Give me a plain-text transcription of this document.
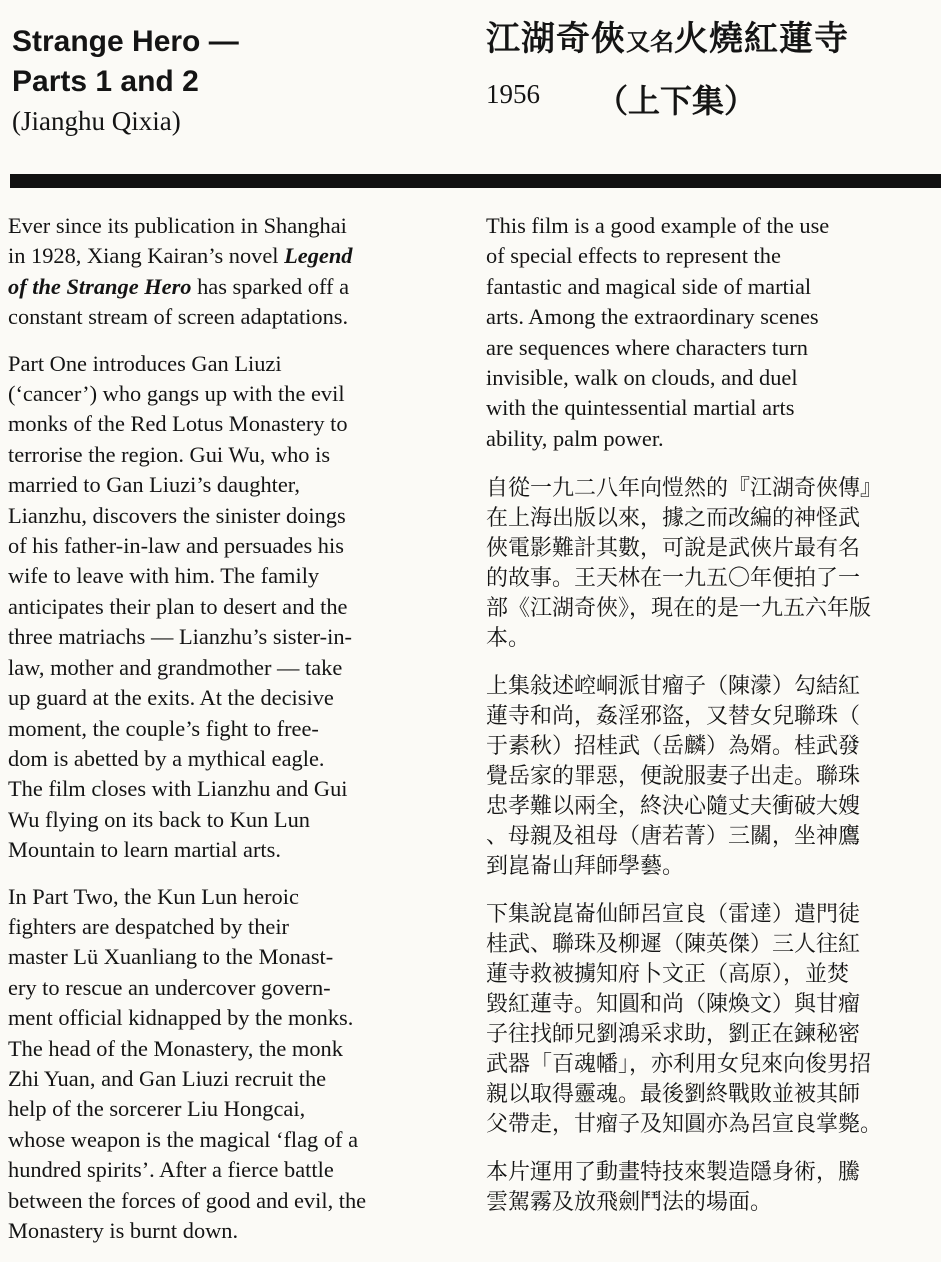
Strange Hero —
Parts 1 and 2
(Jianghu Qixia)
江湖奇俠又名火燒紅蓮寺
1956	（上下集）

Ever since its publication in Shanghai
in 1928, Xiang Kairan’s novel Legend
of the Strange Hero has sparked off a
constant stream of screen adaptations.

Part One introduces Gan Liuzi
(‘cancer’) who gangs up with the evil
monks of the Red Lotus Monastery to
terrorise the region. Gui Wu, who is
married to Gan Liuzi’s daughter,
Lianzhu, discovers the sinister doings
of his father-in-law and persuades his
wife to leave with him. The family
anticipates their plan to desert and the
three matriachs — Lianzhu’s sister-in-
law, mother and grandmother — take
up guard at the exits. At the decisive
moment, the couple’s fight to free-
dom is abetted by a mythical eagle.
The film closes with Lianzhu and Gui
Wu flying on its back to Kun Lun
Mountain to learn martial arts.

In Part Two, the Kun Lun heroic
fighters are despatched by their
master Lü Xuanliang to the Monast-
ery to rescue an undercover govern-
ment official kidnapped by the monks.
The head of the Monastery, the monk
Zhi Yuan, and Gan Liuzi recruit the
help of the sorcerer Liu Hongcai,
whose weapon is the magical ‘flag of a
hundred spirits’. After a fierce battle
between the forces of good and evil, the
Monastery is burnt down.

This film is a good example of the use
of special effects to represent the
fantastic and magical side of martial
arts. Among the extraordinary scenes
are sequences where characters turn
invisible, walk on clouds, and duel
with the quintessential martial arts
ability, palm power.

自從一九二八年向愷然的『江湖奇俠傳』
在上海出版以來，據之而改編的神怪武
俠電影難計其數，可說是武俠片最有名
的故事。王天林在一九五〇年便拍了一
部《江湖奇俠》，現在的是一九五六年版
本。

上集敍述崆峒派甘瘤子（陳濛）勾結紅
蓮寺和尚，姦淫邪盜，又替女兒聯珠（
于素秋）招桂武（岳麟）為婿。桂武發
覺岳家的罪惡，便說服妻子出走。聯珠
忠孝難以兩全，終決心隨丈夫衝破大嫂
、母親及祖母（唐若菁）三關，坐神鷹
到崑崙山拜師學藝。

下集說崑崙仙師呂宣良（雷達）遣門徒
桂武、聯珠及柳遲（陳英傑）三人往紅
蓮寺救被擄知府卜文正（高原），並焚
毀紅蓮寺。知圓和尚（陳煥文）與甘瘤
子往找師兄劉鴻采求助，劉正在鍊秘密
武器「百魂幡」，亦利用女兒來向俊男招
親以取得靈魂。最後劉終戰敗並被其師
父帶走，甘瘤子及知圓亦為呂宣良掌斃。

本片運用了動畫特技來製造隱身術，騰
雲駕霧及放飛劍鬥法的場面。
